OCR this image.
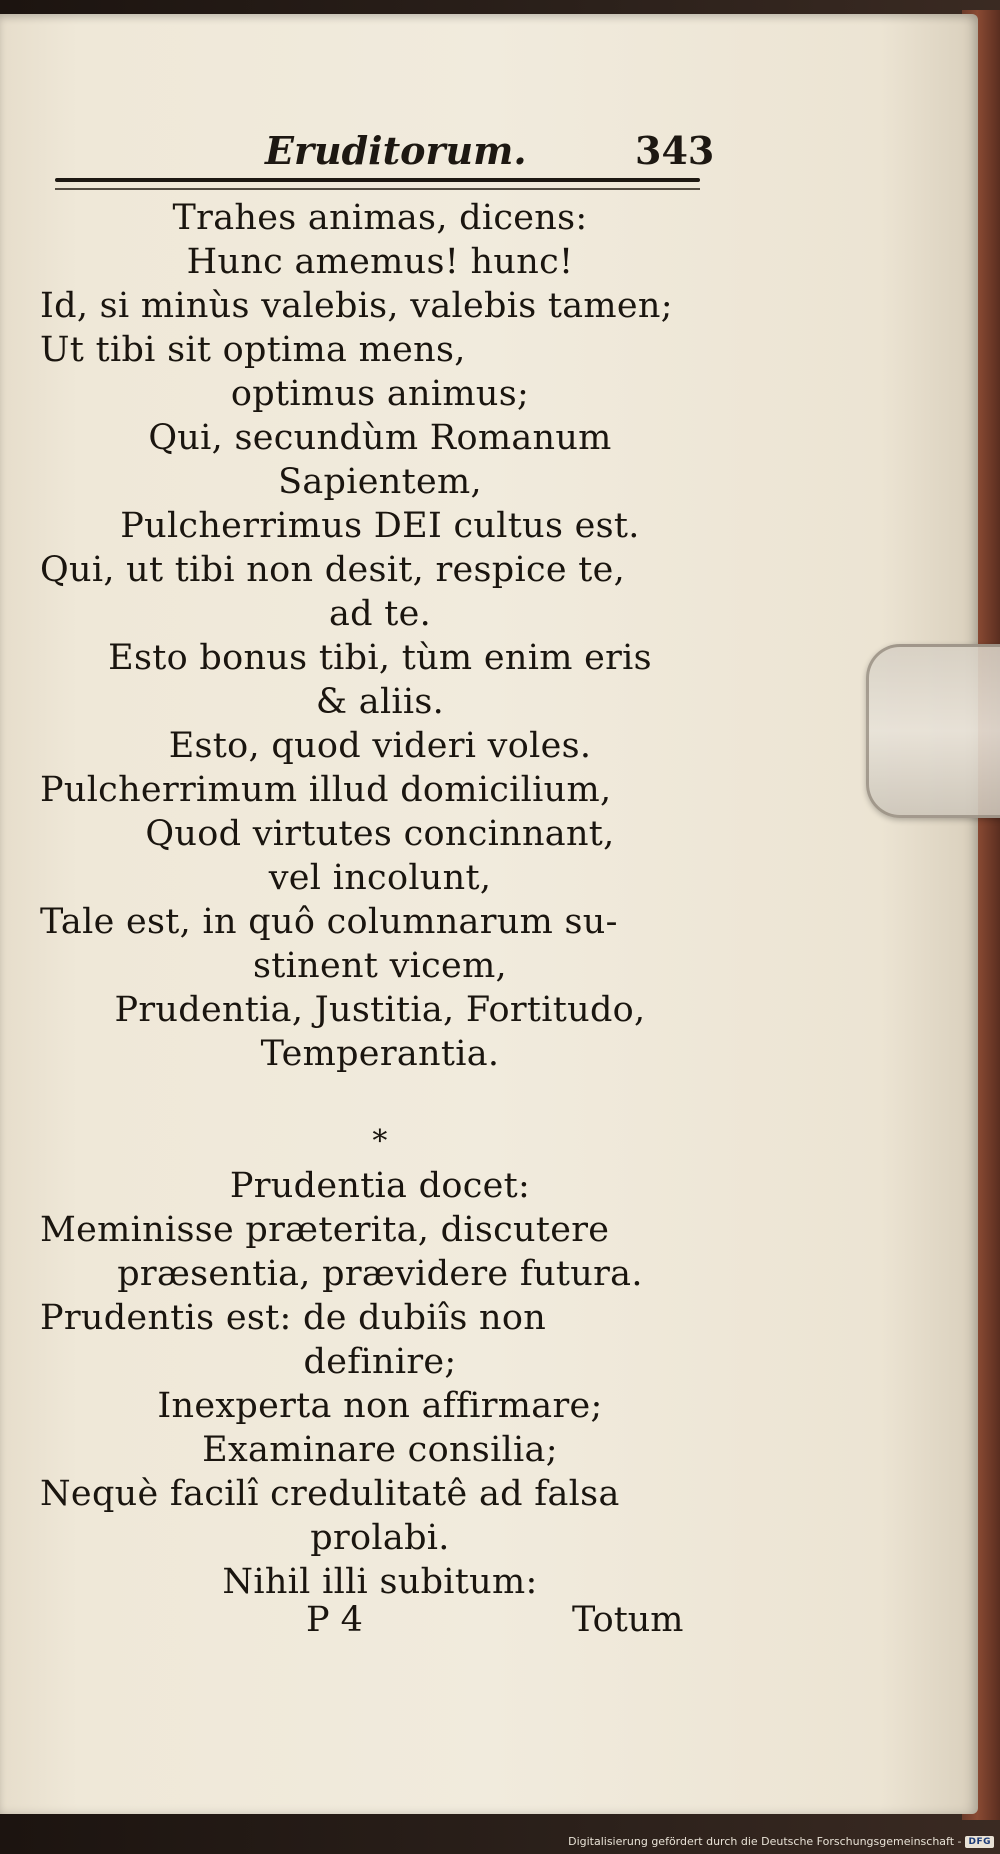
Eruditorum.	343
Trahes animas, dicens:
Hunc amemus! hunc!
Id, si minùs valebis, valebis tamen;
Ut tibi sit optima mens,
optimus animus;
Qui, secundùm Romanum
Sapientem,
Pulcherrimus DEI cultus est.
Qui, ut tibi non desit, respice te,
ad te.
Esto bonus tibi, tùm enim eris
& aliis.
Esto, quod videri voles.
Pulcherrimum illud domicilium,
Quod virtutes concinnant,
vel incolunt,
Tale est, in quô columnarum su-
stinent vicem,
Prudentia, Justitia, Fortitudo,
Temperantia.
*
Prudentia docet:
Meminisse præterita, discutere
præsentia, prævidere futura.
Prudentis est: de dubiîs non
definire;
Inexperta non affirmare;
Examinare consilia;
Nequè facilî credulitatê ad falsa
prolabi.
Nihil illi subitum:
P 4	Totum
Digitalisierung gefördert durch die Deutsche Forschungsgemeinschaft - DFG
